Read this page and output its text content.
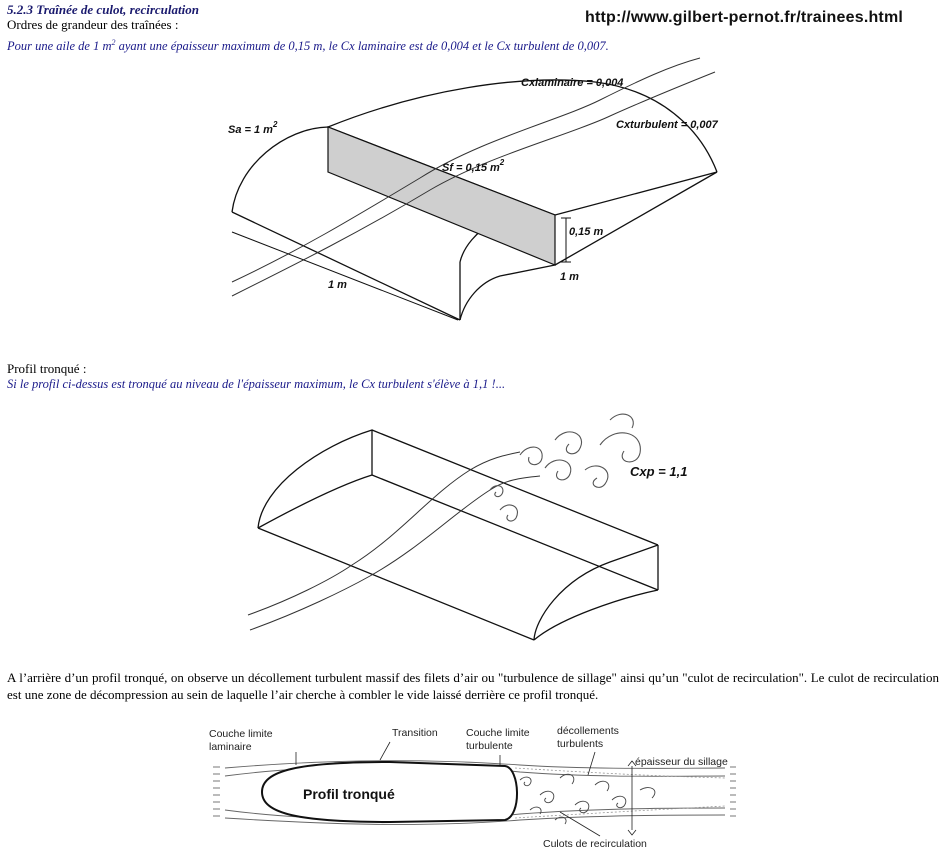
5.2.3 Traînée de culot, recirculation	http://www.gilbert-pernot.fr/trainees.html
Ordres de grandeur des traînées :
Pour une aile de 1 $m^2$ ayant une épaisseur maximum de 0,15 m, le Cx laminaire est de 0,004 et le Cx turbulent de 0,007.
Sa = 1 $m^2$
Sf = 0,15 $m^2$
Cxlaminaire = 0,004
Cxturbulent = 0,007
0,15 m
1 m
1 m
Profil tronqué :
Si le profil ci-dessus est tronqué au niveau de l'épaisseur maximum, le Cx turbulent s'élève à 1,1 !...
Cxp = 1,1
A l’arrière d’un profil tronqué, on observe un décollement turbulent massif des filets d’air ou "turbulence de sillage" ainsi qu’un "culot de recirculation". Le culot de recirculation est une zone de décompression au sein de laquelle l’air cherche à combler le vide laissé derrière ce profil tronqué.
Couche limite
laminaire
Transition	Couche limite
turbulente
décollements
turbulents
épaisseur du sillage
Profil tronqué
Culots de recirculation
